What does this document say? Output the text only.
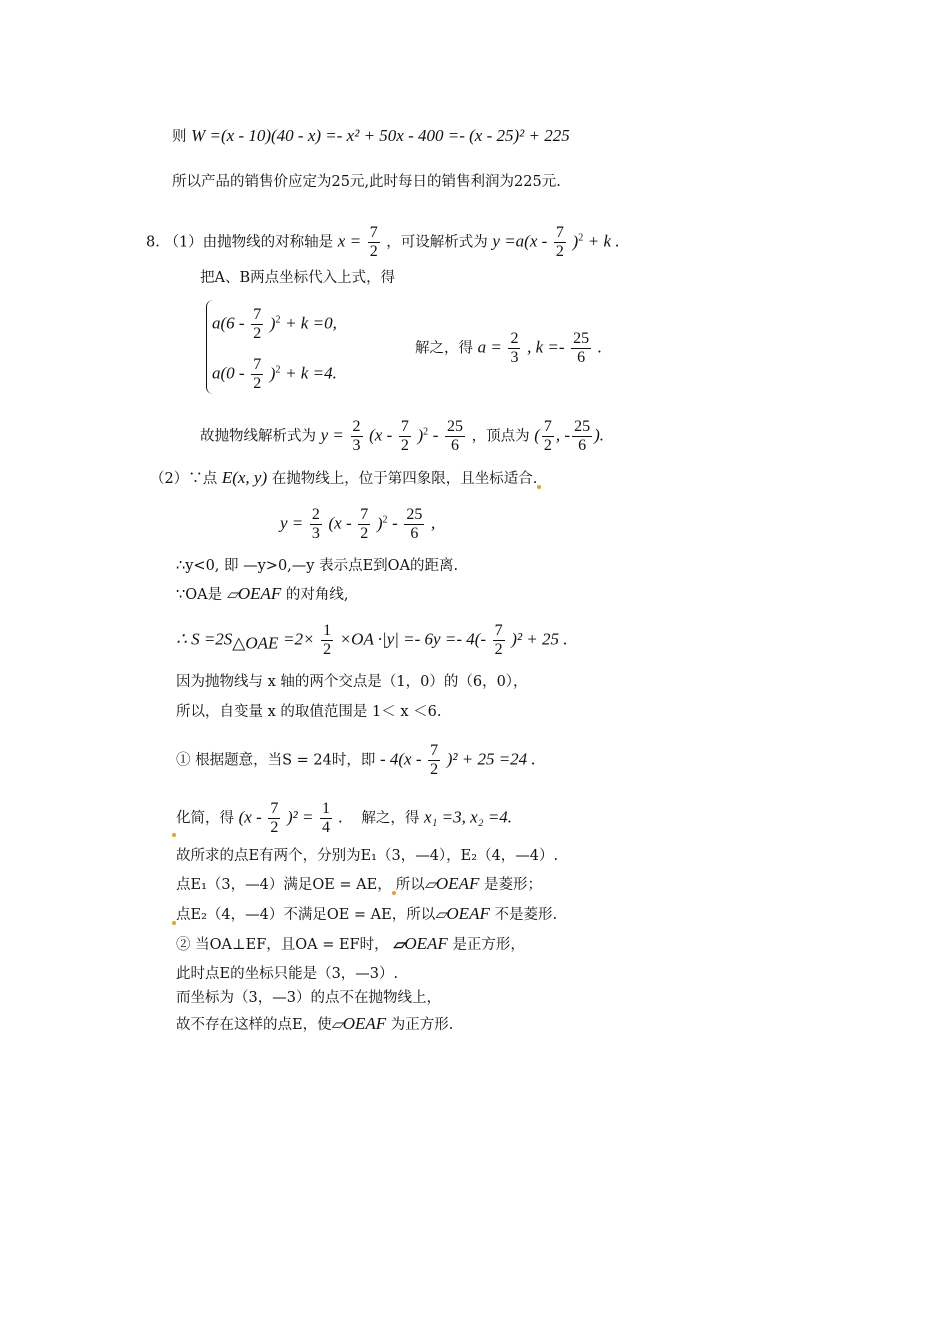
则 W =(x - 10)(40 - x) =- x² + 50x - 400 =- (x - 25)² + 225
所以产品的销售价应定为25元,此时每日的销售利润为225元.
8. （1）由抛物线的对称轴是 $x = \frac{7}{2}$ ，可设解析式为 $y =a(x - \frac{7}{2} )^2 + k$ .
把A、B两点坐标代入上式，得
$a(6 - \frac{7}{2} )^2 + k =0$,
$a(0 - \frac{7}{2} )^2 + k =4$.
解之，得 $a = \frac{2}{3}$ , $k =- \frac{25}{6}$ .
故抛物线解析式为 $y = \frac{2}{3} (x - \frac{7}{2} )^2 - \frac{25}{6}$ ，顶点为 ( $\frac{7}{2}$ , - $\frac{25}{6}$ ).
（2）∵点 E(x, y) 在抛物线上，位于第四象限，且坐标适合.
$y = \frac{2}{3} (x - \frac{7}{2} )^2 - \frac{25}{6}$ ,
∴y<0, 即 —y>0,—y 表示点E到OA的距离.
∵OA是 ▱OEAF 的对角线,
∴ $S =2S_{\triangle OAE} =2\times \frac{1}{2} \times OA \cdot|y| =- 6y =- 4(- \frac{7}{2} )^2 + 25$ .
因为抛物线与 x 轴的两个交点是（1，0）的（6，0），
所以，自变量 x 的取值范围是 1＜ x ＜6.
① 根据题意，当S = 24时，即 - $4(x - \frac{7}{2} )^2 + 25 =24$ .
化简，得 $(x - \frac{7}{2} )^2 = \frac{1}{4}$ . 解之，得 x₁ =3, x₂ =4.
故所求的点E有两个，分别为E₁（3，—4），E₂（4，—4）.
点E₁（3，—4）满足OE = AE， 所以▱OEAF 是菱形；
点E₂（4，—4）不满足OE = AE，所以▱OEAF 不是菱形.
② 当OA⊥EF，且OA = EF时， ▱OEAF 是正方形，
此时点E的坐标只能是（3，—3）.
而坐标为（3，—3）的点不在抛物线上，
故不存在这样的点E，使▱OEAF 为正方形.
